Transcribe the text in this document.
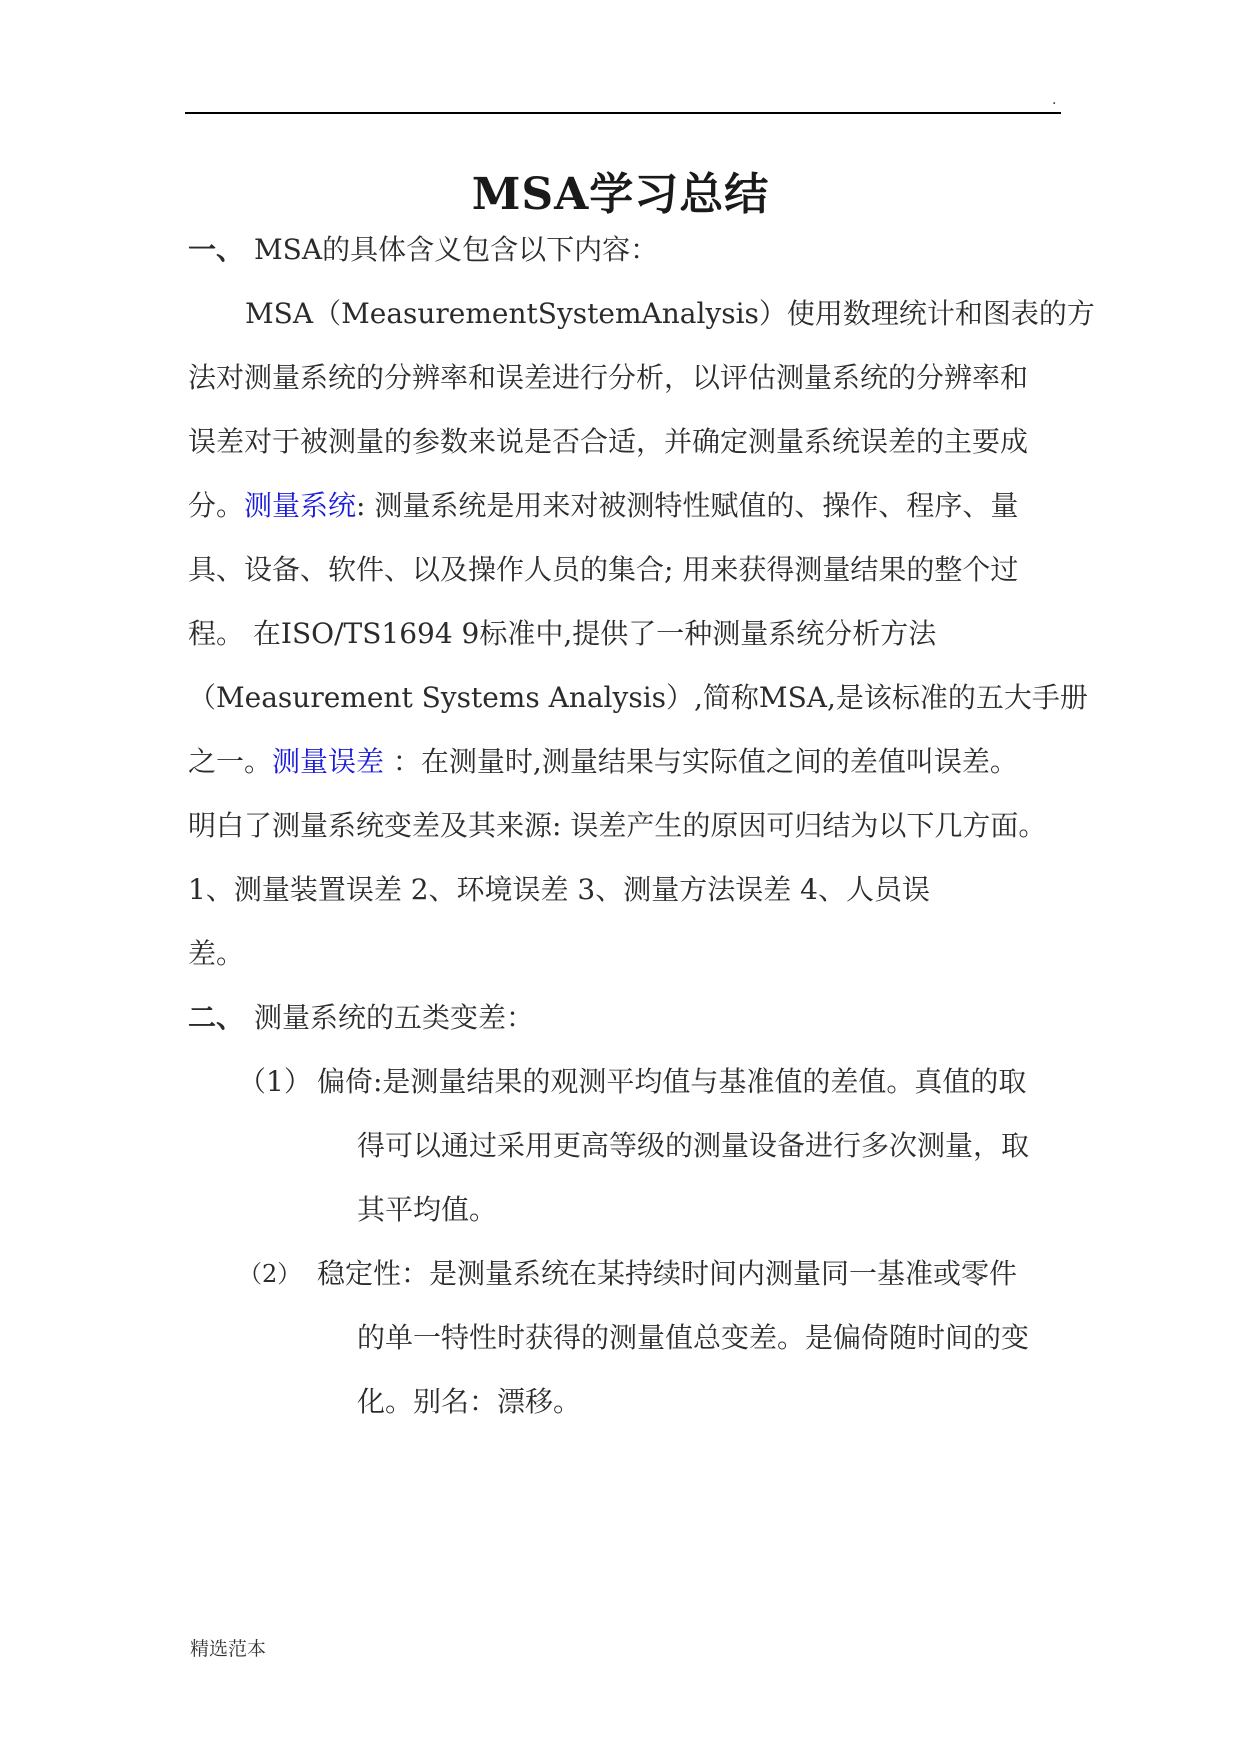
.
MSA学习总结
一、 MSA的具体含义包含以下内容：
MSA（MeasurementSystemAnalysis）使用数理统计和图表的方
法对测量系统的分辨率和误差进行分析，以评估测量系统的分辨率和
误差对于被测量的参数来说是否合适，并确定测量系统误差的主要成
分。测量系统: 测量系统是用来对被测特性赋值的、操作、程序、量
具、设备、软件、以及操作人员的集合; 用来获得测量结果的整个过
程。 在ISO/TS1694 9标准中,提供了一种测量系统分析方法
（Measurement Systems Analysis）,简称MSA,是该标准的五大手册
之一。测量误差 ：在测量时,测量结果与实际值之间的差值叫误差。
明白了测量系统变差及其来源: 误差产生的原因可归结为以下几方面。
1、测量装置误差 2、环境误差 3、测量方法误差 4、人员误
差。
二、 测量系统的五类变差：
（1） 偏倚:是测量结果的观测平均值与基准值的差值。真值的取
得可以通过采用更高等级的测量设备进行多次测量，取
其平均值。
（2） 稳定性：是测量系统在某持续时间内测量同一基准或零件
的单一特性时获得的测量值总变差。是偏倚随时间的变
化。别名：漂移。
精选范本
